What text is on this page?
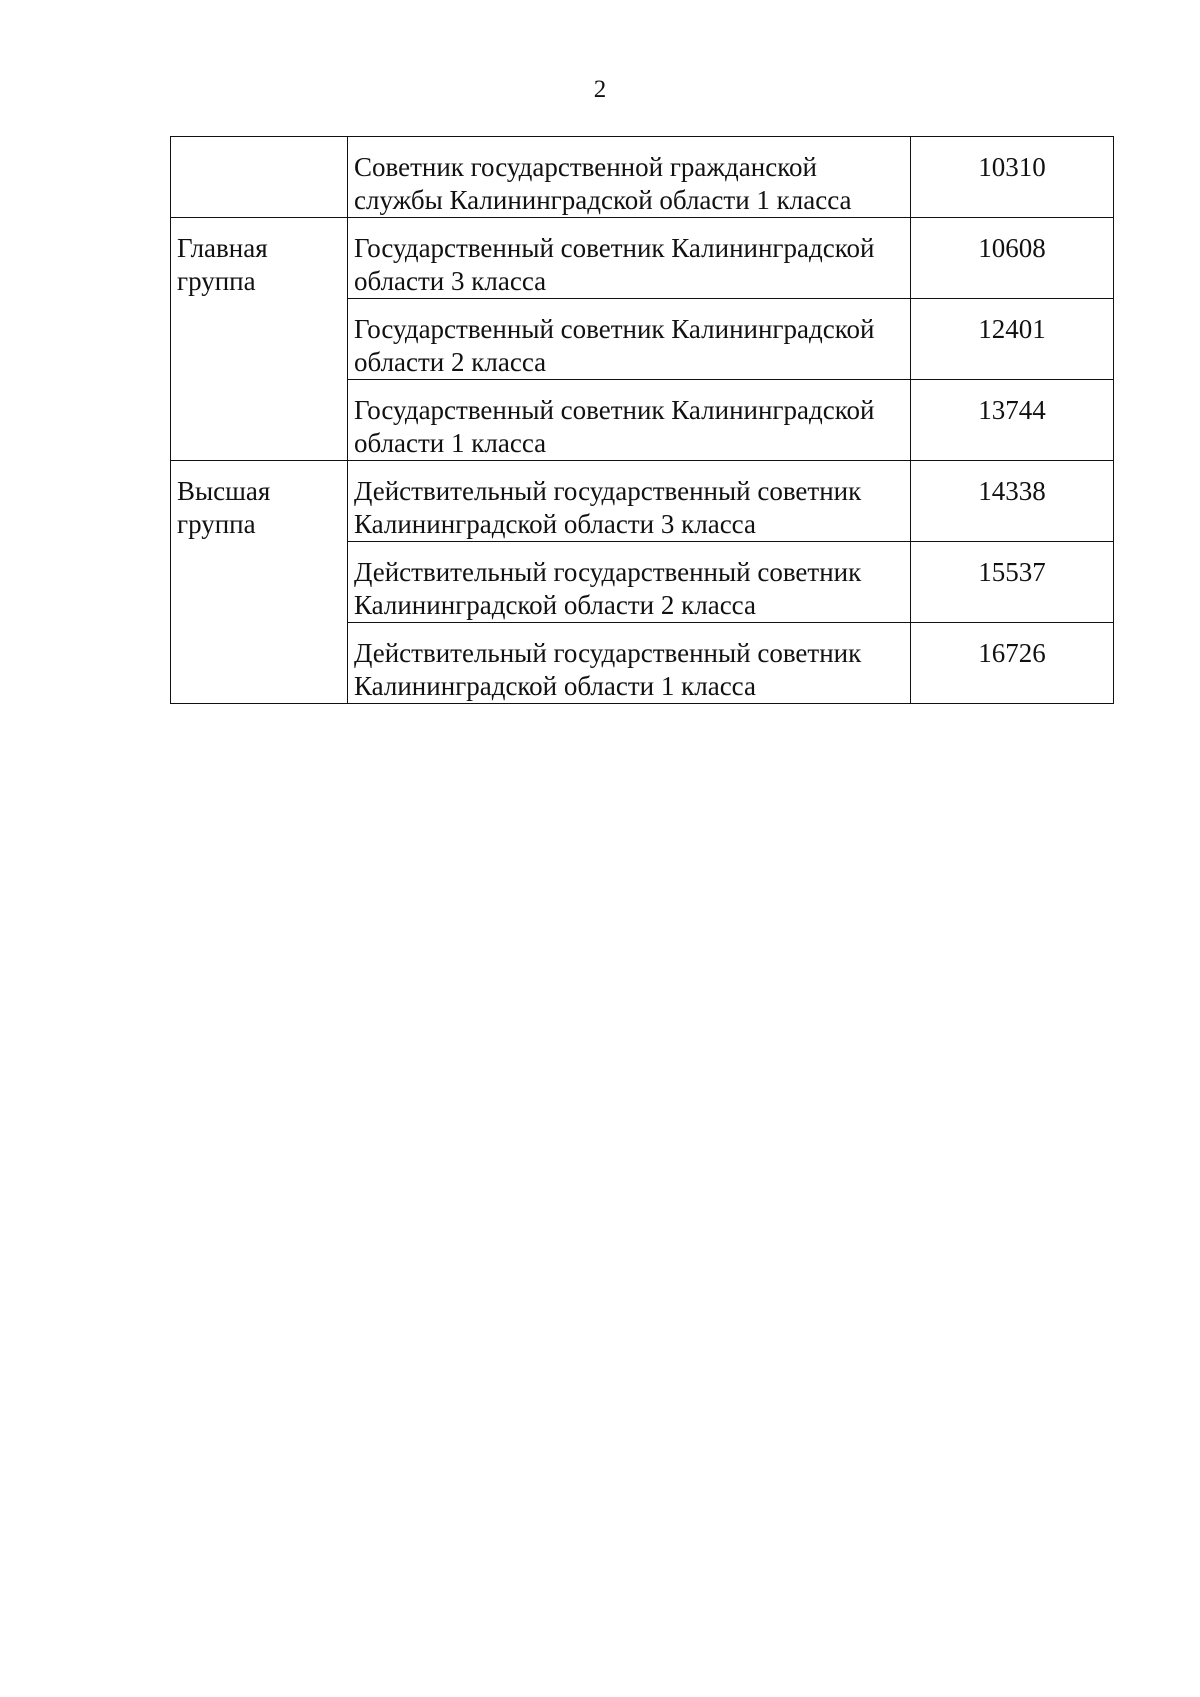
2
	Советник государственной гражданской службы Калининградской области 1 класса	10310
Главная группа	Государственный советник Калининградской области 3 класса	10608
	Государственный советник Калининградской области 2 класса	12401
	Государственный советник Калининградской области 1 класса	13744
Высшая группа	Действительный государственный советник Калининградской области 3 класса	14338
	Действительный государственный советник Калининградской области 2 класса	15537
	Действительный государственный советник Калининградской области 1 класса	16726
